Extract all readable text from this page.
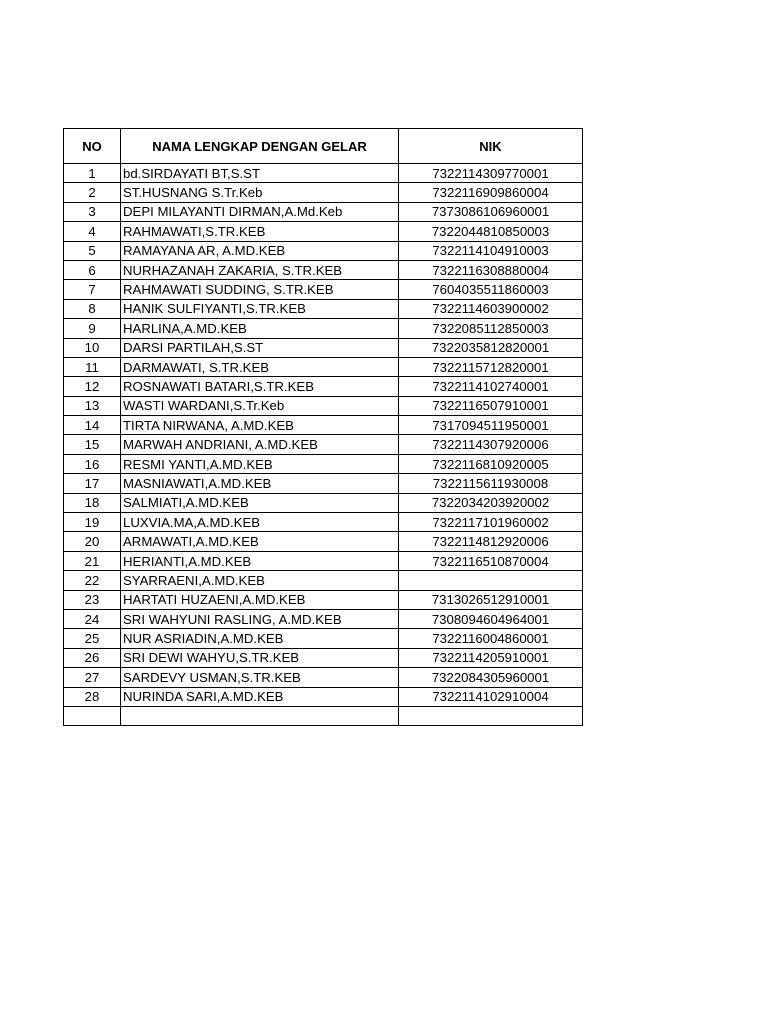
NO	NAMA LENGKAP DENGAN GELAR	NIK
1	bd.SIRDAYATI BT,S.ST	7322114309770001
2	ST.HUSNANG S.Tr.Keb	7322116909860004
3	DEPI MILAYANTI DIRMAN,A.Md.Keb	7373086106960001
4	RAHMAWATI,S.TR.KEB	7322044810850003
5	RAMAYANA AR, A.MD.KEB	7322114104910003
6	NURHAZANAH ZAKARIA, S.TR.KEB	7322116308880004
7	RAHMAWATI SUDDING, S.TR.KEB	7604035511860003
8	HANIK SULFIYANTI,S.TR.KEB	7322114603900002
9	HARLINA,A.MD.KEB	7322085112850003
10	DARSI PARTILAH,S.ST	7322035812820001
11	DARMAWATI, S.TR.KEB	7322115712820001
12	ROSNAWATI BATARI,S.TR.KEB	7322114102740001
13	WASTI WARDANI,S.Tr.Keb	7322116507910001
14	TIRTA NIRWANA, A.MD.KEB	7317094511950001
15	MARWAH ANDRIANI, A.MD.KEB	7322114307920006
16	RESMI YANTI,A.MD.KEB	7322116810920005
17	MASNIAWATI,A.MD.KEB	7322115611930008
18	SALMIATI,A.MD.KEB	7322034203920002
19	LUXVIA.MA,A.MD.KEB	7322117101960002
20	ARMAWATI,A.MD.KEB	7322114812920006
21	HERIANTI,A.MD.KEB	7322116510870004
22	SYARRAENI,A.MD.KEB	
23	HARTATI HUZAENI,A.MD.KEB	7313026512910001
24	SRI WAHYUNI RASLING, A.MD.KEB	7308094604964001
25	NUR ASRIADIN,A.MD.KEB	7322116004860001
26	SRI DEWI WAHYU,S.TR.KEB	7322114205910001
27	SARDEVY USMAN,S.TR.KEB	7322084305960001
28	NURINDA SARI,A.MD.KEB	7322114102910004
